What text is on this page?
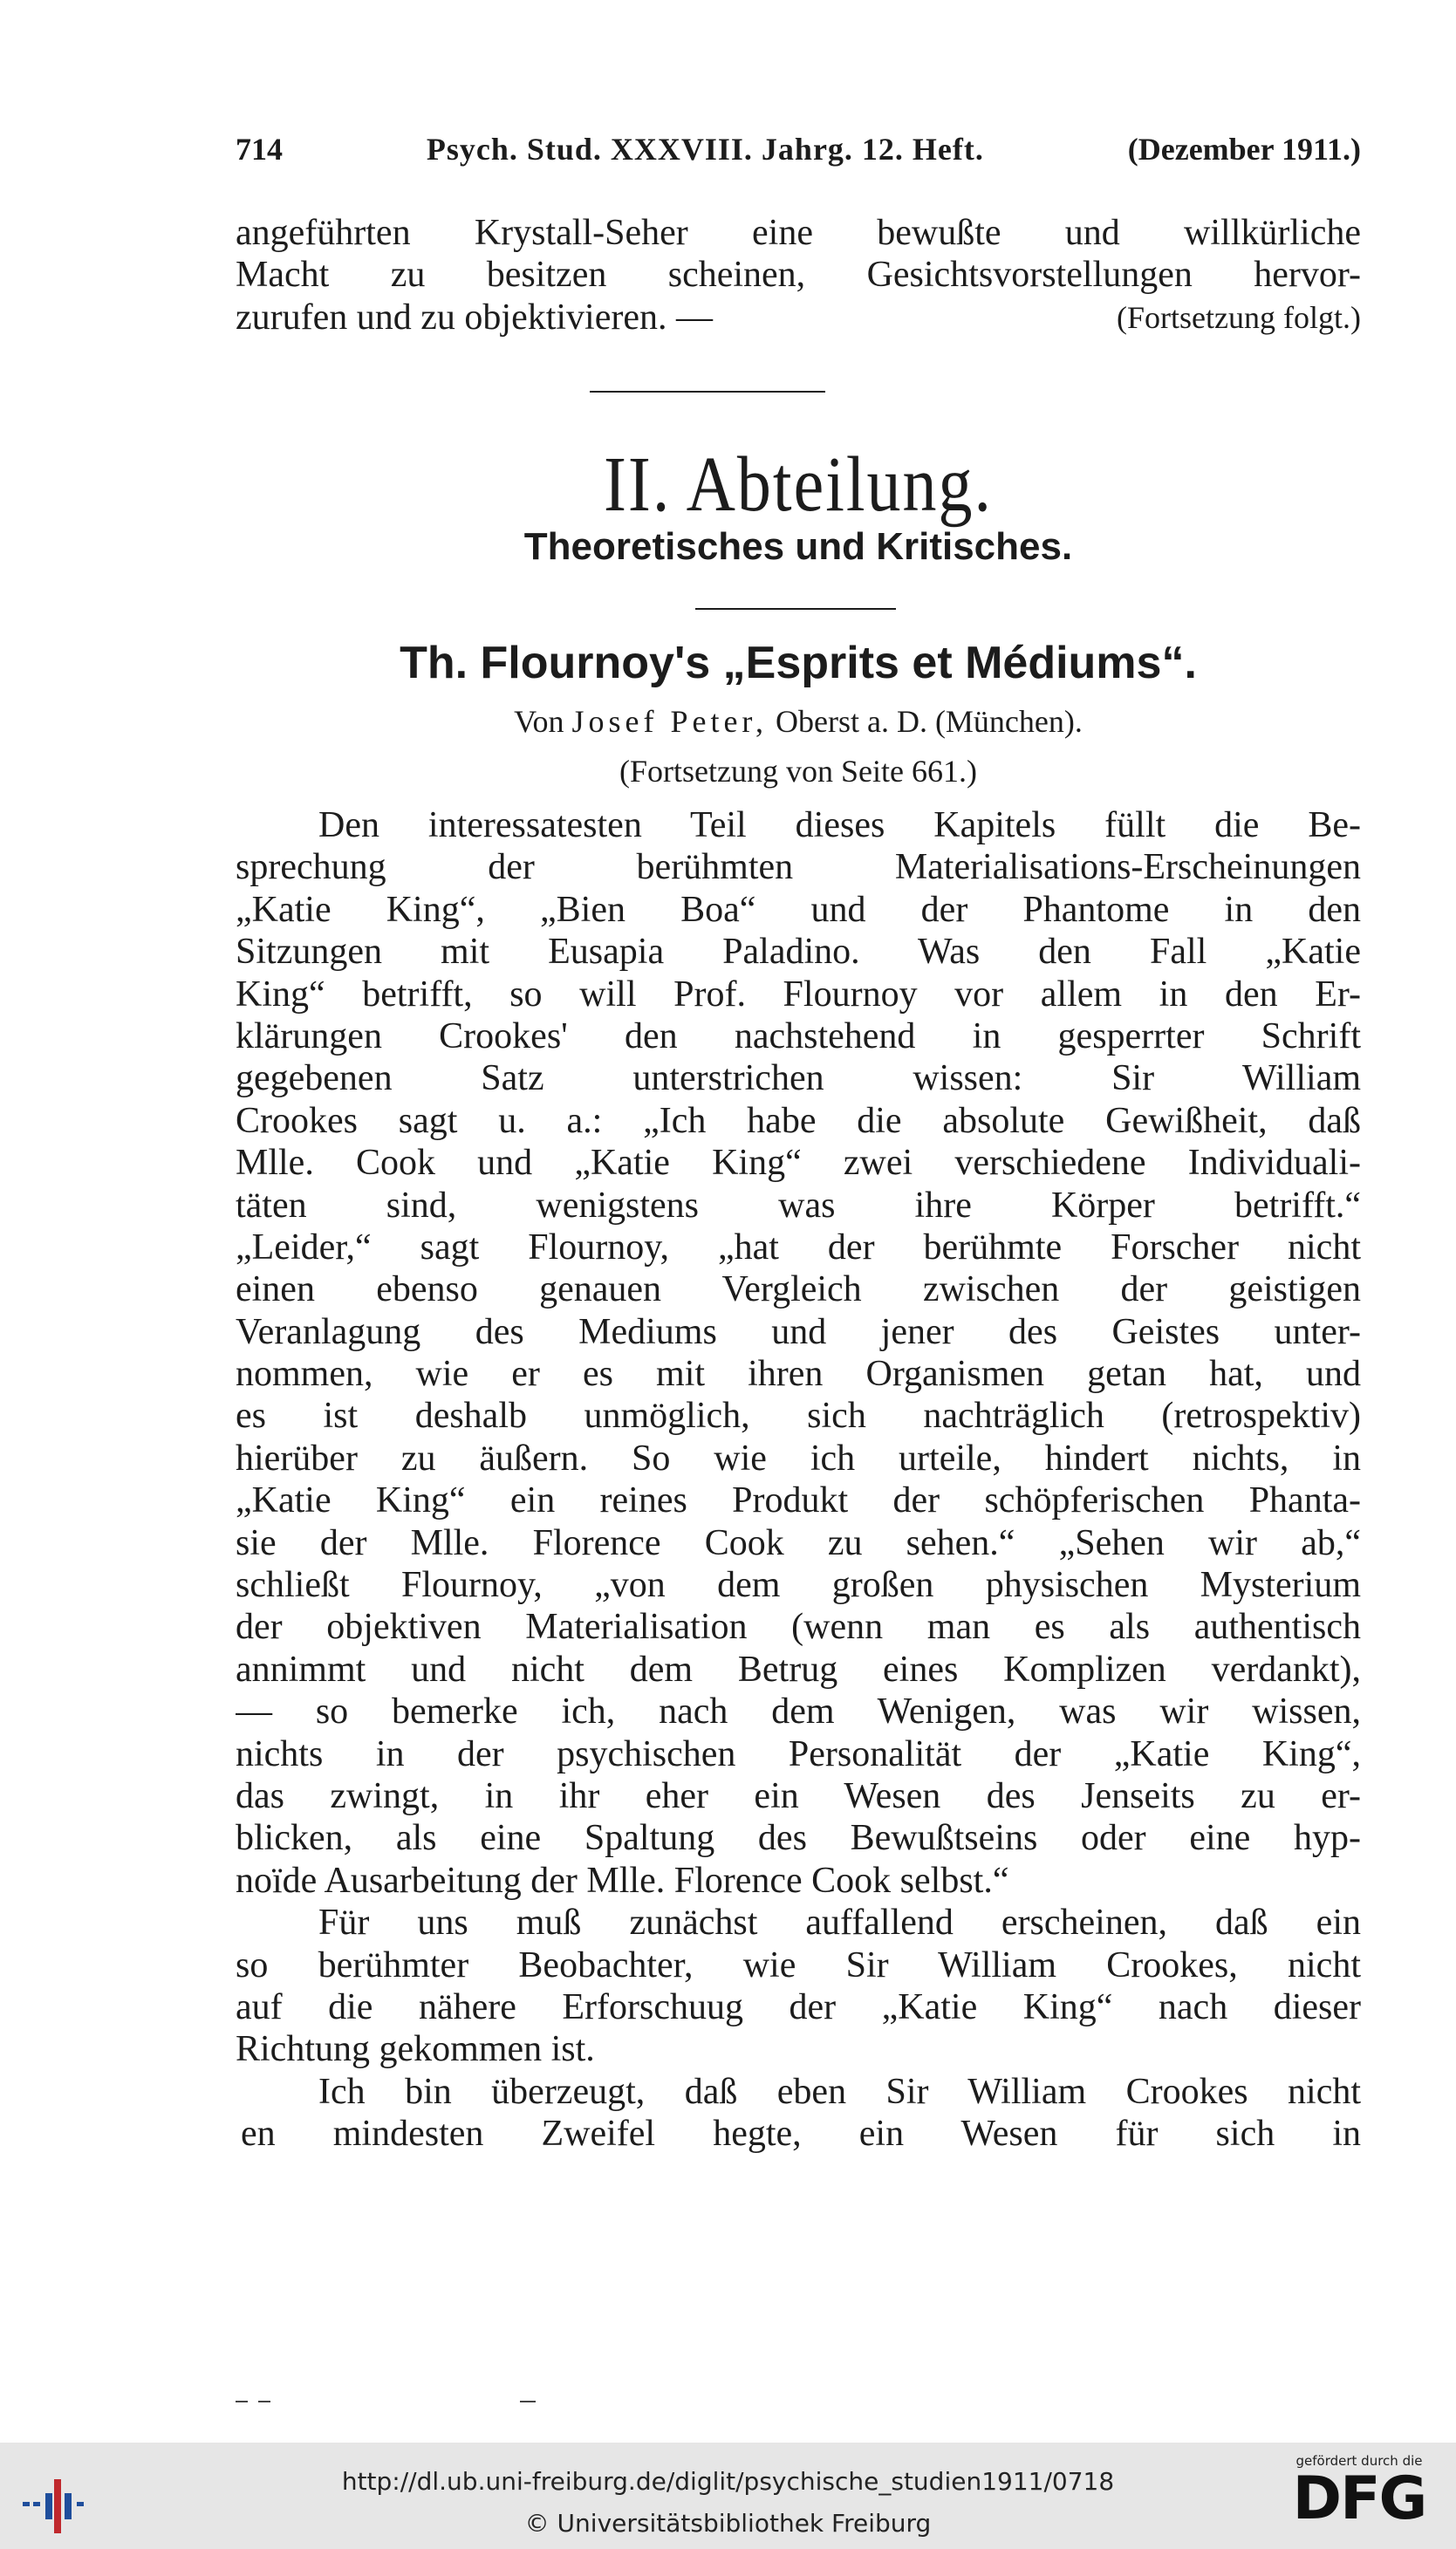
714	Psych. Stud. XXXVIII. Jahrg. 12. Heft.	(Dezember 1911.)
angeführten Krystall-Seher eine bewußte und willkürliche
Macht zu besitzen scheinen, Gesichtsvorstellungen hervor-
zurufen und zu objektivieren. —	(Fortsetzung folgt.)
II. Abteilung.
Theoretisches und Kritisches.
Th. Flournoy's „Esprits et Médiums“.
Von Josef Peter, Oberst a. D. (München).
(Fortsetzung von Seite 661.)
Den interessatesten Teil dieses Kapitels füllt die Be-
sprechung der berühmten Materialisations-Erscheinungen
„Katie King“, „Bien Boa“ und der Phantome in den
Sitzungen mit Eusapia Paladino. Was den Fall „Katie
King“ betrifft, so will Prof. Flournoy vor allem in den Er-
klärungen Crookes' den nachstehend in gesperrter Schrift
gegebenen Satz unterstrichen wissen: Sir William
Crookes sagt u. a.: „Ich habe die absolute Gewißheit, daß
Mlle. Cook und „Katie King“ zwei verschiedene Individuali-
täten sind, wenigstens was ihre Körper betrifft.“
„Leider,“ sagt Flournoy, „hat der berühmte Forscher nicht
einen ebenso genauen Vergleich zwischen der geistigen
Veranlagung des Mediums und jener des Geistes unter-
nommen, wie er es mit ihren Organismen getan hat, und
es ist deshalb unmöglich, sich nachträglich (retrospektiv)
hierüber zu äußern. So wie ich urteile, hindert nichts, in
„Katie King“ ein reines Produkt der schöpferischen Phanta-
sie der Mlle. Florence Cook zu sehen.“ „Sehen wir ab,“
schließt Flournoy, „von dem großen physischen Mysterium
der objektiven Materialisation (wenn man es als authentisch
annimmt und nicht dem Betrug eines Komplizen verdankt),
— so bemerke ich, nach dem Wenigen, was wir wissen,
nichts in der psychischen Personalität der „Katie King“,
das zwingt, in ihr eher ein Wesen des Jenseits zu er-
blicken, als eine Spaltung des Bewußtseins oder eine hyp-
noïde Ausarbeitung der Mlle. Florence Cook selbst.“
Für uns muß zunächst auffallend erscheinen, daß ein
so berühmter Beobachter, wie Sir William Crookes, nicht
auf die nähere Erforschuug der „Katie King“ nach dieser
Richtung gekommen ist.
Ich bin überzeugt, daß eben Sir William Crookes nicht
en mindesten Zweifel hegte, ein Wesen für sich in
http://dl.ub.uni-freiburg.de/diglit/psychische_studien1911/0718
© Universitätsbibliothek Freiburg
gefördert durch die
DFG
